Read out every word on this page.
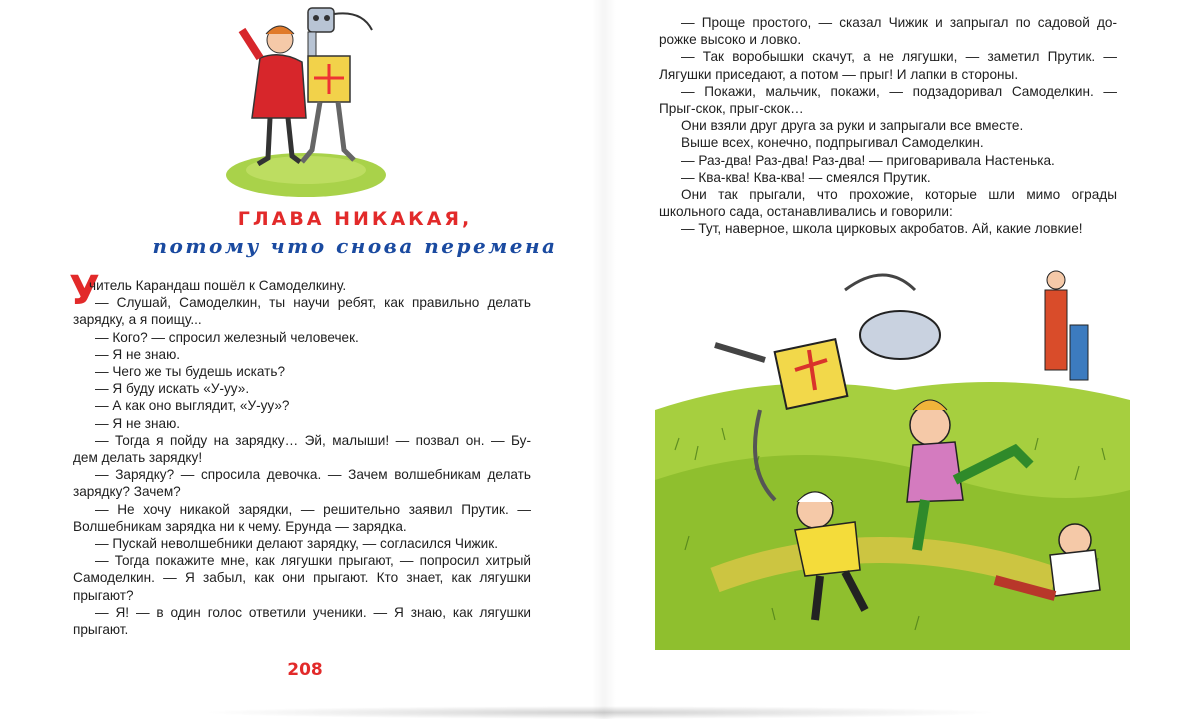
ГЛАВА НИКАКАЯ,
потому что снова перемена
У
читель Карандаш пошёл к Самоделкину.
— Слушай, Самоделкин, ты научи ребят, как правильно делать
зарядку, а я поищу...
— Кого? — спросил железный человечек.
— Я не знаю.
— Чего же ты будешь искать?
— Я буду искать «У-уу».
— А как оно выглядит, «У-уу»?
— Я не знаю.
— Тогда я пойду на зарядку… Эй, малыши! — позвал он. — Бу-
дем делать зарядку!
— Зарядку? — спросила девочка. — Зачем волшебникам делать
зарядку? Зачем?
— Не хочу никакой зарядки, — решительно заявил Прутик. —
Волшебникам зарядка ни к чему. Ерунда — зарядка.
— Пускай неволшебники делают зарядку, — согласился Чижик.
— Тогда покажите мне, как лягушки прыгают, — попросил хитрый
Самоделкин. — Я забыл, как они прыгают. Кто знает, как лягушки
прыгают?
— Я! — в один голос ответили ученики. — Я знаю, как лягушки
прыгают.
208
— Проще простого, — сказал Чижик и запрыгал по садовой до-
рожке высоко и ловко.
— Так воробышки скачут, а не лягушки, — заметил Прутик. —
Лягушки приседают, а потом — прыг! И лапки в стороны.
— Покажи, мальчик, покажи, — подзадоривал Самоделкин. —
Прыг-скок, прыг-скок…
Они взяли друг друга за руки и запрыгали все вместе.
Выше всех, конечно, подпрыгивал Самоделкин.
— Раз-два! Раз-два! Раз-два! — приговаривала Настенька.
— Ква-ква! Ква-ква! — смеялся Прутик.
Они так прыгали, что прохожие, которые шли мимо ограды
школьного сада, останавливались и говорили:
— Тут, наверное, школа цирковых акробатов. Ай, какие ловкие!
